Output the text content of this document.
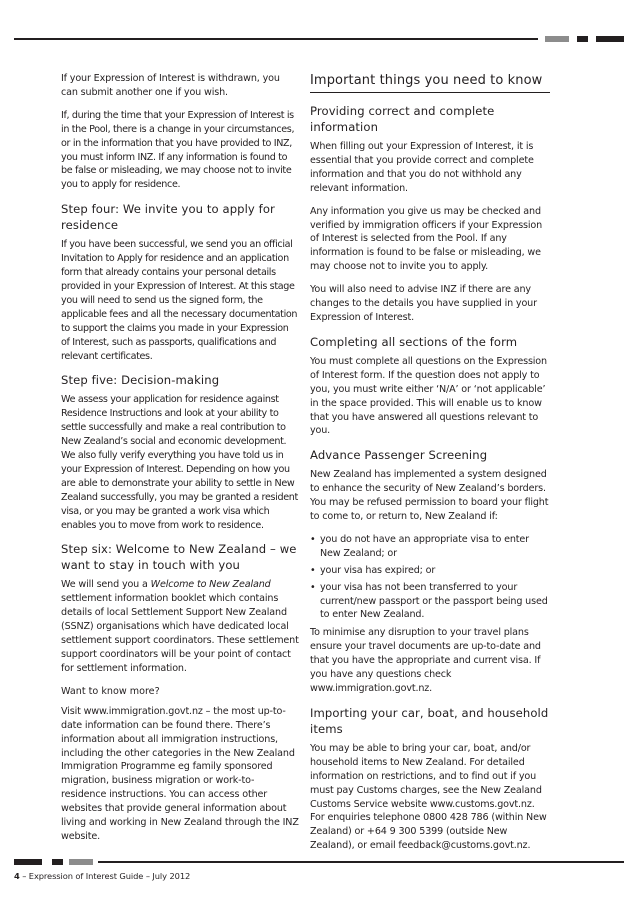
If your Expression of Interest is withdrawn, you can submit another one if you wish.

If, during the time that your Expression of Interest is in the Pool, there is a change in your circumstances, or in the information that you have provided to INZ, you must inform INZ. If any information is found to be false or misleading, we may choose not to invite you to apply for residence.

Step four: We invite you to apply for residence

If you have been successful, we send you an official Invitation to Apply for residence and an application form that already contains your personal details provided in your Expression of Interest. At this stage you will need to send us the signed form, the applicable fees and all the necessary documentation to support the claims you made in your Expression of Interest, such as passports, qualifications and relevant certificates.

Step five: Decision-making

We assess your application for residence against Residence Instructions and look at your ability to settle successfully and make a real contribution to New Zealand’s social and economic development. We also fully verify everything you have told us in your Expression of Interest. Depending on how you are able to demonstrate your ability to settle in New Zealand successfully, you may be granted a resident visa, or you may be granted a work visa which enables you to move from work to residence.

Step six: Welcome to New Zealand – we want to stay in touch with you

We will send you a Welcome to New Zealand settlement information booklet which contains details of local Settlement Support New Zealand (SSNZ) organisations which have dedicated local settlement support coordinators. These settlement support coordinators will be your point of contact for settlement information.

Want to know more?

Visit www.immigration.govt.nz – the most up-to-date information can be found there. There’s information about all immigration instructions, including the other categories in the New Zealand Immigration Programme eg family sponsored migration, business migration or work-to-residence instructions. You can access other websites that provide general information about living and working in New Zealand through the INZ website.

Important things you need to know
Providing correct and complete information

When filling out your Expression of Interest, it is essential that you provide correct and complete information and that you do not withhold any relevant information.

Any information you give us may be checked and verified by immigration officers if your Expression of Interest is selected from the Pool. If any information is found to be false or misleading, we may choose not to invite you to apply.

You will also need to advise INZ if there are any changes to the details you have supplied in your Expression of Interest.

Completing all sections of the form

You must complete all questions on the Expression of Interest form. If the question does not apply to you, you must write either ‘N/A’ or ‘not applicable’ in the space provided. This will enable us to know that you have answered all questions relevant to you.

Advance Passenger Screening

New Zealand has implemented a system designed to enhance the security of New Zealand’s borders. You may be refused permission to board your flight to come to, or return to, New Zealand if:

• you do not have an appropriate visa to enter New Zealand; or
• your visa has expired; or
• your visa has not been transferred to your current/new passport or the passport being used to enter New Zealand.

To minimise any disruption to your travel plans ensure your travel documents are up-to-date and that you have the appropriate and current visa. If you have any questions check www.immigration.govt.nz.

Importing your car, boat, and household items

You may be able to bring your car, boat, and/or household items to New Zealand. For detailed information on restrictions, and to find out if you must pay Customs charges, see the New Zealand Customs Service website www.customs.govt.nz. For enquiries telephone 0800 428 786 (within New Zealand) or +64 9 300 5399 (outside New Zealand), or email feedback@customs.govt.nz.

4 – Expression of Interest Guide – July 2012
